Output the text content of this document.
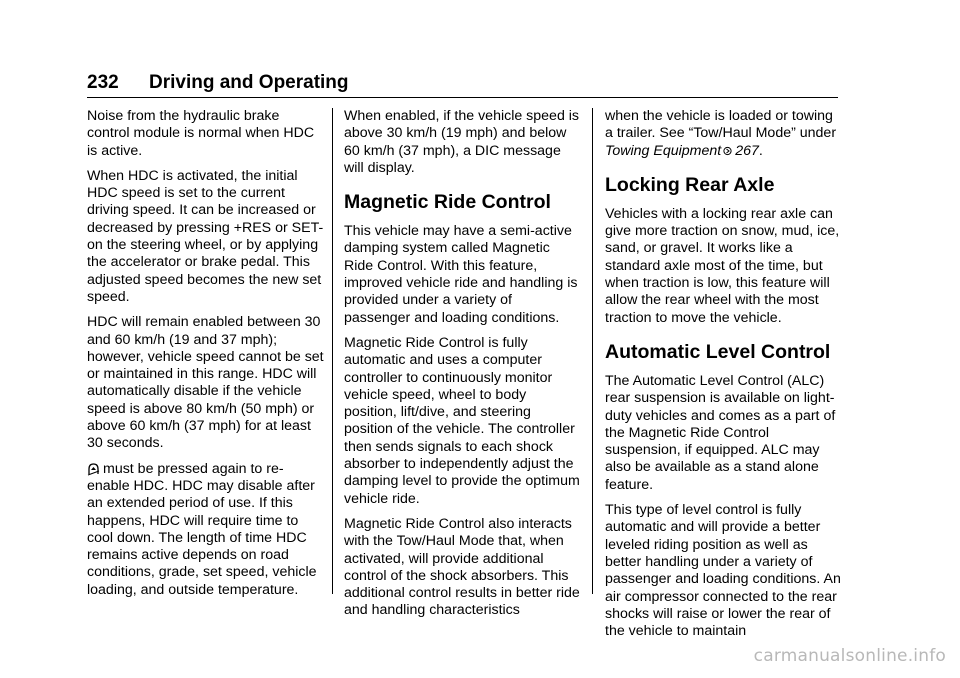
232 Driving and Operating

Noise from the hydraulic brake control module is normal when HDC is active.

When HDC is activated, the initial HDC speed is set to the current driving speed. It can be increased or decreased by pressing +RES or SET- on the steering wheel, or by applying the accelerator or brake pedal. This adjusted speed becomes the new set speed.

HDC will remain enabled between 30 and 60 km/h (19 and 37 mph); however, vehicle speed cannot be set or maintained in this range. HDC will automatically disable if the vehicle speed is above 80 km/h (50 mph) or above 60 km/h (37 mph) for at least 30 seconds.

must be pressed again to re-enable HDC. HDC may disable after an extended period of use. If this happens, HDC will require time to cool down. The length of time HDC remains active depends on road conditions, grade, set speed, vehicle loading, and outside temperature.

When enabled, if the vehicle speed is above 30 km/h (19 mph) and below 60 km/h (37 mph), a DIC message will display.

Magnetic Ride Control

This vehicle may have a semi-active damping system called Magnetic Ride Control. With this feature, improved vehicle ride and handling is provided under a variety of passenger and loading conditions.

Magnetic Ride Control is fully automatic and uses a computer controller to continuously monitor vehicle speed, wheel to body position, lift/dive, and steering position of the vehicle. The controller then sends signals to each shock absorber to independently adjust the damping level to provide the optimum vehicle ride.

Magnetic Ride Control also interacts with the Tow/Haul Mode that, when activated, will provide additional control of the shock absorbers. This additional control results in better ride and handling characteristics

when the vehicle is loaded or towing a trailer. See “Tow/Haul Mode” under Towing Equipment 267.

Locking Rear Axle

Vehicles with a locking rear axle can give more traction on snow, mud, ice, sand, or gravel. It works like a standard axle most of the time, but when traction is low, this feature will allow the rear wheel with the most traction to move the vehicle.

Automatic Level Control

The Automatic Level Control (ALC) rear suspension is available on light-duty vehicles and comes as a part of the Magnetic Ride Control suspension, if equipped. ALC may also be available as a stand alone feature.

This type of level control is fully automatic and will provide a better leveled riding position as well as better handling under a variety of passenger and loading conditions. An air compressor connected to the rear shocks will raise or lower the rear of the vehicle to maintain

carmanualsonline.info
